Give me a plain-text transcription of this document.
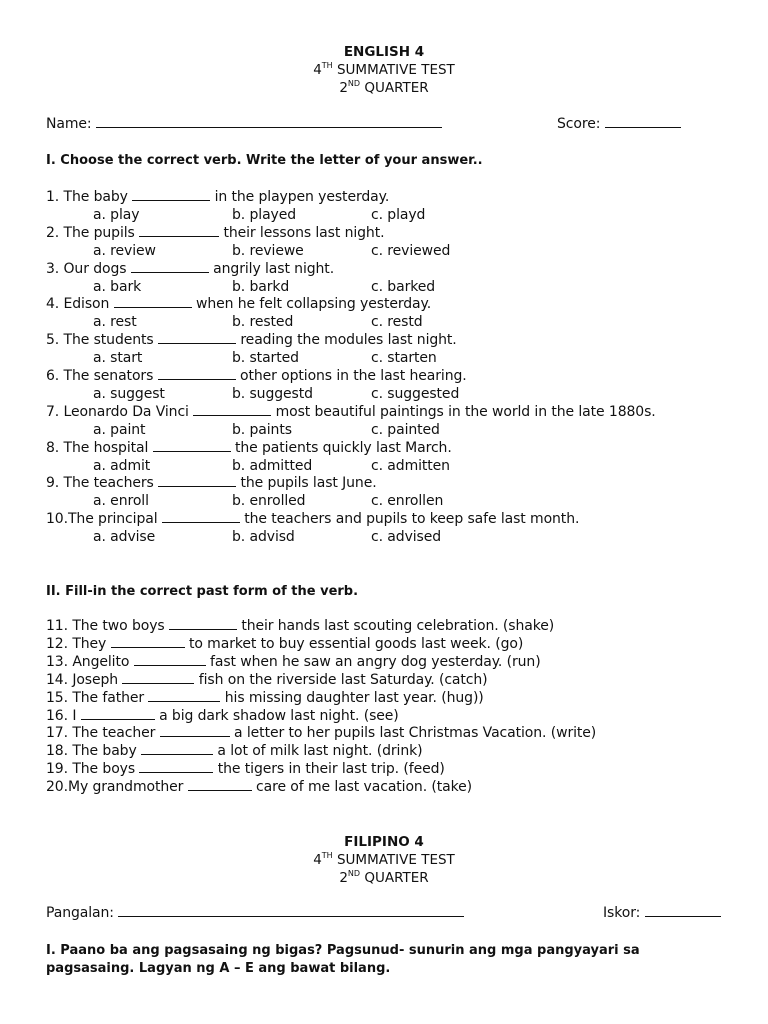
ENGLISH 4
4TH SUMMATIVE TEST
2ND QUARTER
Name:	Score:
I. Choose the correct verb. Write the letter of your answer..
1. The baby	in the playpen yesterday.
a. play	b. played	c. playd
2. The pupils	their lessons last night.
a. review	b. reviewe	c. reviewed
3. Our dogs	angrily last night.
a. bark	b. barkd	c. barked
4. Edison	when he felt collapsing yesterday.
a. rest	b. rested	c. restd
5. The students	reading the modules last night.
a. start	b. started	c. starten
6. The senators	other options in the last hearing.
a. suggest	b. suggestd	c. suggested
7. Leonardo Da Vinci	most beautiful paintings in the world in the late 1880s.
a. paint	b. paints	c. painted
8. The hospital	the patients quickly last March.
a. admit	b. admitted	c. admitten
9. The teachers	the pupils last June.
a. enroll	b. enrolled	c. enrollen
10.The principal	the teachers and pupils to keep safe last month.
a. advise	b. advisd	c. advised
II. Fill-in the correct past form of the verb.
11. The two boys	their hands last scouting celebration. (shake)
12. They	to market to buy essential goods last week. (go)
13. Angelito	fast when he saw an angry dog yesterday. (run)
14. Joseph	fish on the riverside last Saturday. (catch)
15. The father	his missing daughter last year. (hug))
16. I	a big dark shadow last night. (see)
17. The teacher	a letter to her pupils last Christmas Vacation. (write)
18. The baby	a lot of milk last night. (drink)
19. The boys	the tigers in their last trip. (feed)
20.My grandmother	care of me last vacation. (take)
FILIPINO 4
4TH SUMMATIVE TEST
2ND QUARTER
Pangalan:	Iskor:
I. Paano ba ang pagsasaing ng bigas? Pagsunud- sunurin ang mga pangyayari sa
pagsasaing. Lagyan ng A – E ang bawat bilang.
